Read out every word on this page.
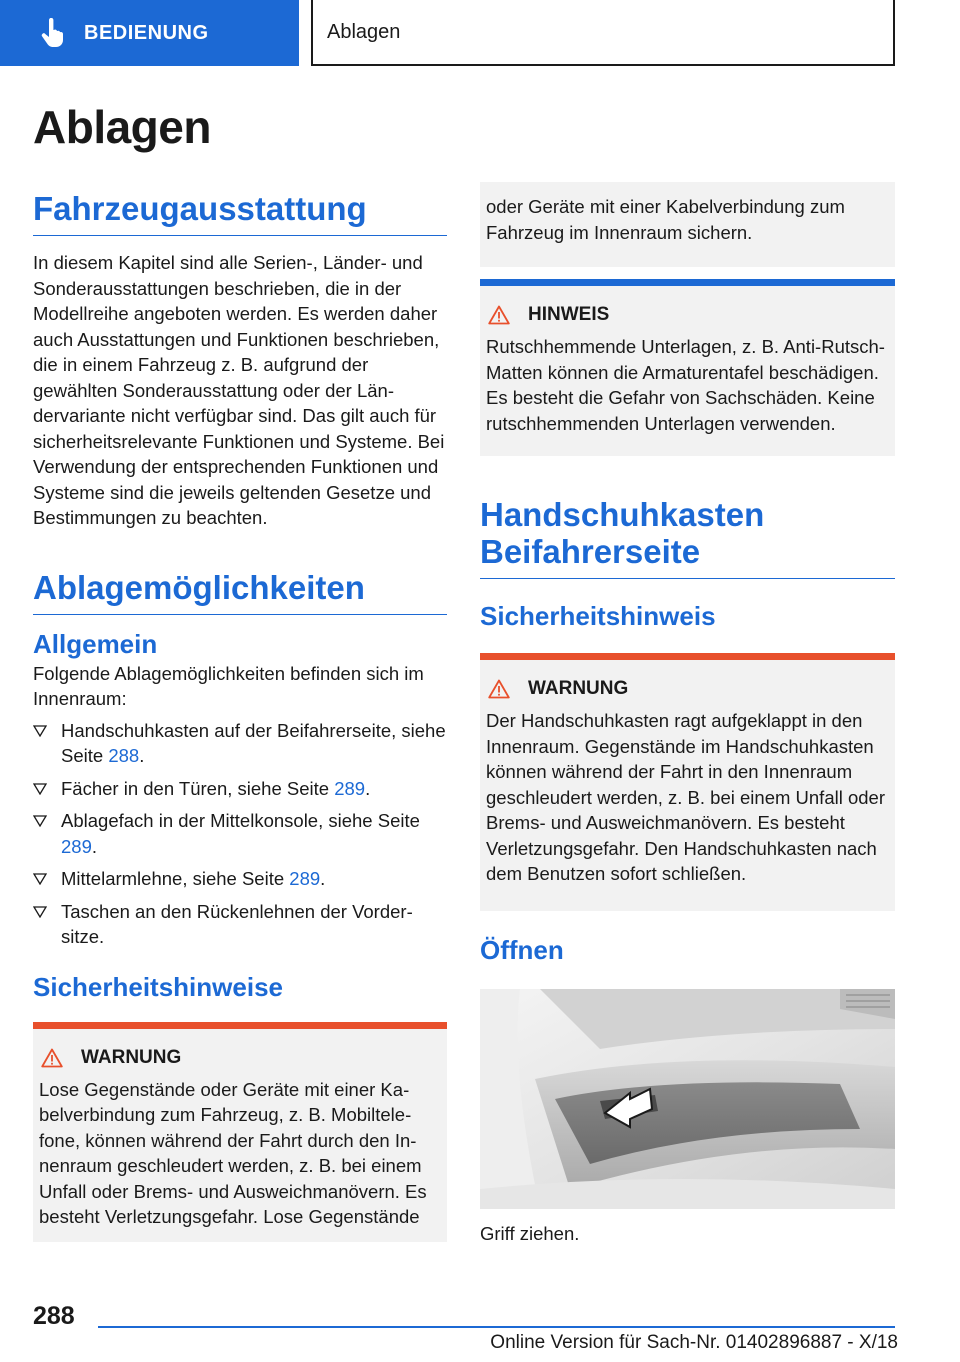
BEDIENUNG	Ablagen
Ablagen
Fahrzeugausstattung

In diesem Kapitel sind alle Serien-, Länder- und Sonderausstattungen beschrieben, die in der Modellreihe angeboten werden. Es werden daher auch Ausstattungen und Funktionen beschrieben, die in einem Fahrzeug z. B. aufgrund der gewählten Sonderausstattung oder der Ländervariante nicht verfügbar sind. Das gilt auch für sicherheitsrelevante Funktionen und Systeme. Bei Verwendung der entsprechenden Funktionen und Systeme sind die jeweils geltenden Gesetze und Bestimmungen zu beachten.

Ablagemöglichkeiten
Allgemein

Folgende Ablagemöglichkeiten befinden sich im Innenraum:

Handschuhkasten auf der Beifahrerseite, siehe Seite 288.
Fächer in den Türen, siehe Seite 289.
Ablagefach in der Mittelkonsole, siehe Seite 289.
Mittelarmlehne, siehe Seite 289.
Taschen an den Rückenlehnen der Vordersitze.
Sicherheitshinweise
WARNUNG

Lose Gegenstände oder Geräte mit einer Kabelverbindung zum Fahrzeug, z. B. Mobiltelefone, können während der Fahrt durch den Innenraum geschleudert werden, z. B. bei einem Unfall oder Brems- und Ausweichmanövern. Es besteht Verletzungsgefahr. Lose Gegenstände

oder Geräte mit einer Kabelverbindung zum Fahrzeug im Innenraum sichern.

HINWEIS

Rutschhemmende Unterlagen, z. B. Anti-Rutsch-Matten können die Armaturentafel beschädigen. Es besteht die Gefahr von Sachschäden. Keine rutschhemmenden Unterlagen verwenden.

Handschuhkasten
Beifahrerseite
Sicherheitshinweis
WARNUNG

Der Handschuhkasten ragt aufgeklappt in den Innenraum. Gegenstände im Handschuhkasten können während der Fahrt in den Innenraum geschleudert werden, z. B. bei einem Unfall oder Brems- und Ausweichmanövern. Es besteht Verletzungsgefahr. Den Handschuhkasten nach dem Benutzen sofort schließen.

Öffnen

Griff ziehen.

288
Online Version für Sach-Nr. 01402896887 - X/18
